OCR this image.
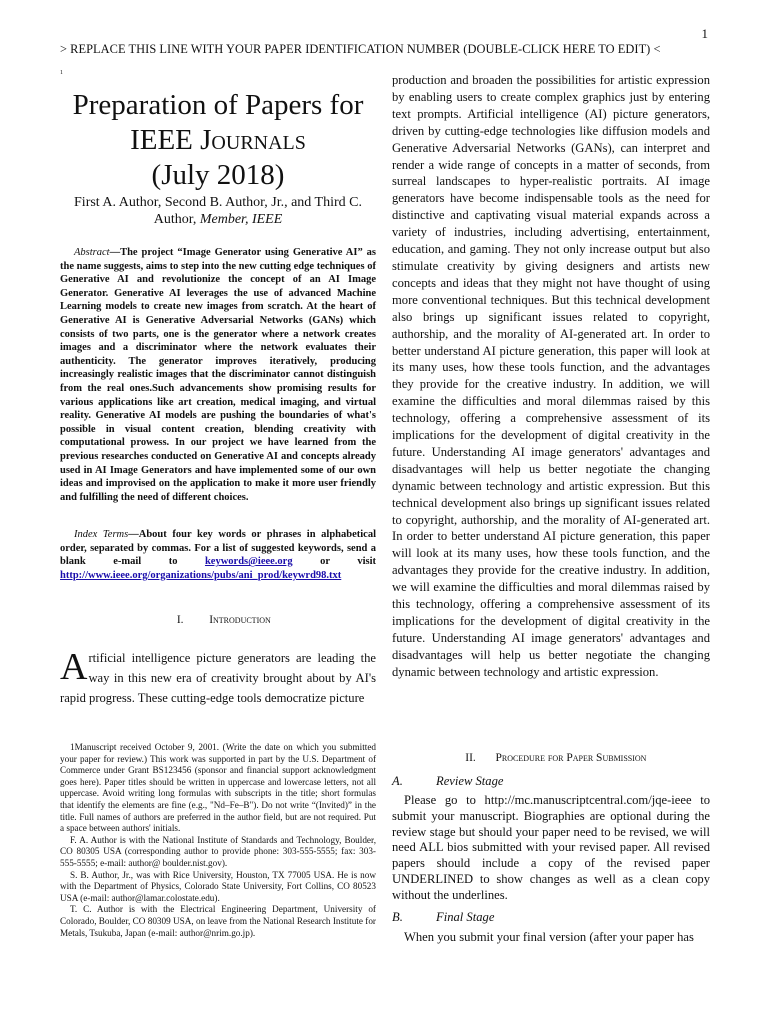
1
> REPLACE THIS LINE WITH YOUR PAPER IDENTIFICATION NUMBER (DOUBLE-CLICK HERE TO EDIT) <
1
Preparation of Papers for
IEEE Journals
(July 2018)
First A. Author, Second B. Author, Jr., and Third C. Author, Member, IEEE
Abstract—The project “Image Generator using Generative AI” as the name suggests, aims to step into the new cutting edge techniques of Generative AI and revolutionize the concept of an AI Image Generator. Generative AI leverages the use of advanced Machine Learning models to create new images from scratch. At the heart of Generative AI is Generative Adversarial Networks (GANs) which consists of two parts, one is the generator where a network creates images and a discriminator where the network evaluates their authenticity. The generator improves iteratively, producing increasingly realistic images that the discriminator cannot distinguish from the real ones.Such advancements show promising results for various applications like art creation, medical imaging, and virtual reality. Generative AI models are pushing the boundaries of what's possible in visual content creation, blending creativity with computational prowess. In our project we have learned from the previous researches conducted on Generative AI and concepts already used in AI Image Generators and have implemented some of our own ideas and improvised on the application to make it more user friendly and fulfilling the need of different choices.
Index Terms—About four key words or phrases in alphabetical order, separated by commas. For a list of suggested keywords, send a blank e-mail to	keywords@ieee.org	or visit http://www.ieee.org/organizations/pubs/ani_prod/keywrd98.txt
I. Introduction
Artificial intelligence picture generators are leading the way in this new era of creativity brought about by AI's rapid progress. These cutting-edge tools democratize picture

1Manuscript received October 9, 2001. (Write the date on which you submitted your paper for review.) This work was supported in part by the U.S. Department of Commerce under Grant BS123456 (sponsor and financial support acknowledgment goes here). Paper titles should be written in uppercase and lowercase letters, not all uppercase. Avoid writing long formulas with subscripts in the title; short formulas that identify the elements are fine (e.g., "Nd–Fe–B"). Do not write “(Invited)” in the title. Full names of authors are preferred in the author field, but are not required. Put a space between authors' initials.

F. A. Author is with the National Institute of Standards and Technology, Boulder, CO 80305 USA (corresponding author to provide phone: 303-555-5555; fax: 303-555-5555; e-mail: author@ boulder.nist.gov).

S. B. Author, Jr., was with Rice University, Houston, TX 77005 USA. He is now with the Department of Physics, Colorado State University, Fort Collins, CO 80523 USA (e-mail: author@lamar.colostate.edu).

T. C. Author is with the Electrical Engineering Department, University of Colorado, Boulder, CO 80309 USA, on leave from the National Research Institute for Metals, Tsukuba, Japan (e-mail: author@nrim.go.jp).

production and broaden the possibilities for artistic expression by enabling users to create complex graphics just by entering text prompts. Artificial intelligence (AI) picture generators, driven by cutting-edge technologies like diffusion models and Generative Adversarial Networks (GANs), can interpret and render a wide range of concepts in a matter of seconds, from surreal landscapes to hyper-realistic portraits. AI image generators have become indispensable tools as the need for distinctive and captivating visual material expands across a variety of industries, including advertising, entertainment, education, and gaming. They not only increase output but also stimulate creativity by giving designers and artists new concepts and ideas that they might not have thought of using more conventional techniques. But this technical development also brings up significant issues related to copyright, authorship, and the morality of AI-generated art. In order to better understand AI picture generation, this paper will look at its many uses, how these tools function, and the advantages they provide for the creative industry. In addition, we will examine the difficulties and moral dilemmas raised by this technology, offering a comprehensive assessment of its implications for the development of digital creativity in the future. Understanding AI image generators' advantages and disadvantages will help us better negotiate the changing dynamic between technology and artistic expression. But this technical development also brings up significant issues related to copyright, authorship, and the morality of AI-generated art. In order to better understand AI picture generation, this paper will look at its many uses, how these tools function, and the advantages they provide for the creative industry. In addition, we will examine the difficulties and moral dilemmas raised by this technology, offering a comprehensive assessment of its implications for the development of digital creativity in the future. Understanding AI image generators' advantages and disadvantages will help us better negotiate the changing dynamic between technology and artistic expression.
II. Procedure for Paper Submission
A.	Review Stage
Please go to http://mc.manuscriptcentral.com/jqe-ieee to submit your manuscript. Biographies are optional during the review stage but should your paper need to be revised, we will need ALL bios submitted with your revised paper. All revised papers should include a copy of the revised paper UNDERLINED to show changes as well as a clean copy without the underlines.
B.	Final Stage
When you submit your final version (after your paper has
